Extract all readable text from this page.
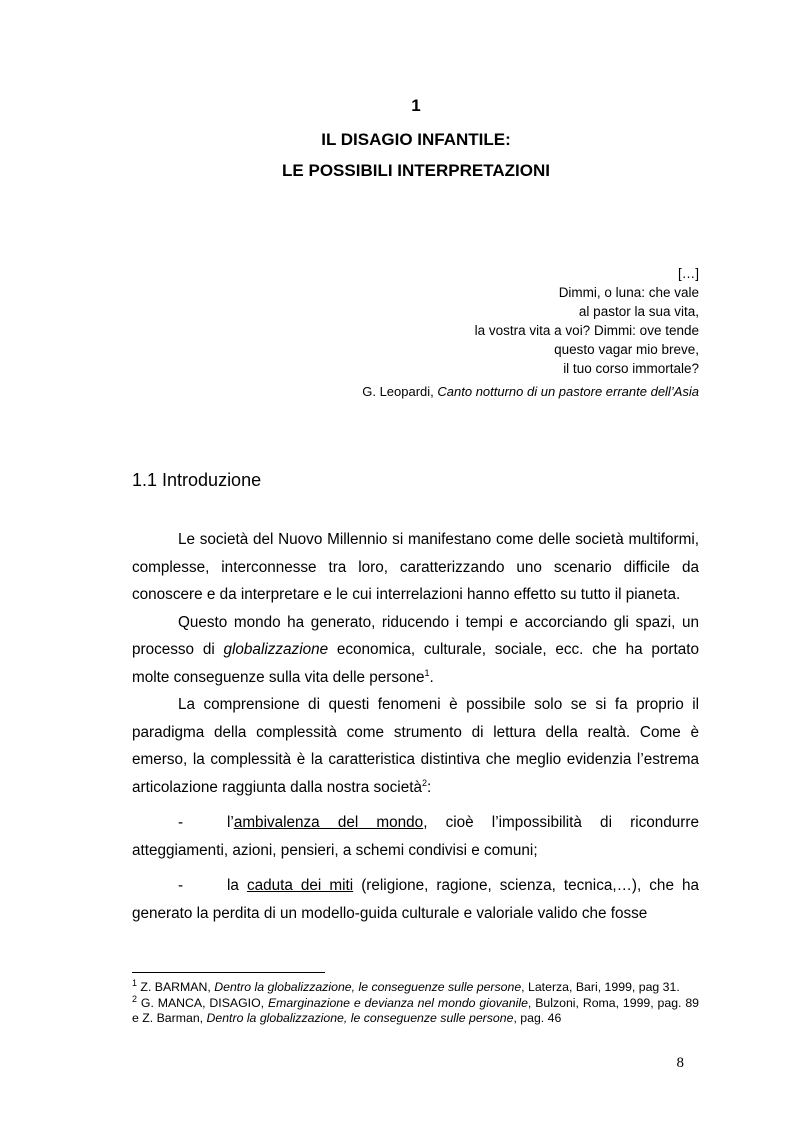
1
IL DISAGIO INFANTILE:
LE POSSIBILI INTERPRETAZIONI
[…]
Dimmi, o luna: che vale
al pastor la sua vita,
la vostra vita a voi? Dimmi: ove tende
questo vagar mio breve,
il tuo corso immortale?
G. Leopardi, Canto notturno di un pastore errante dell’Asia
1.1 Introduzione

Le società del Nuovo Millennio si manifestano come delle società multiformi, complesse, interconnesse tra loro, caratterizzando uno scenario difficile da conoscere e da interpretare e le cui interrelazioni hanno effetto su tutto il pianeta.

Questo mondo ha generato, riducendo i tempi e accorciando gli spazi, un processo di globalizzazione economica, culturale, sociale, ecc. che ha portato molte conseguenze sulla vita delle persone$^1$.

La comprensione di questi fenomeni è possibile solo se si fa proprio il paradigma della complessità come strumento di lettura della realtà. Come è emerso, la complessità è la caratteristica distintiva che meglio evidenzia l’estrema articolazione raggiunta dalla nostra società$^2$:

-	l’ambivalenza del mondo, cioè l’impossibilità di ricondurre atteggiamenti, azioni, pensieri, a schemi condivisi e comuni;

-	la caduta dei miti (religione, ragione, scienza, tecnica,…), che ha generato la perdita di un modello-guida culturale e valoriale valido che fosse

$^1$ Z. BARMAN, Dentro la globalizzazione, le conseguenze sulle persone, Laterza, Bari, 1999, pag 31.
$^2$ G. MANCA, DISAGIO, Emarginazione e devianza nel mondo giovanile, Bulzoni, Roma, 1999, pag. 89 e Z. Barman, Dentro la globalizzazione, le conseguenze sulle persone, pag. 46
8
